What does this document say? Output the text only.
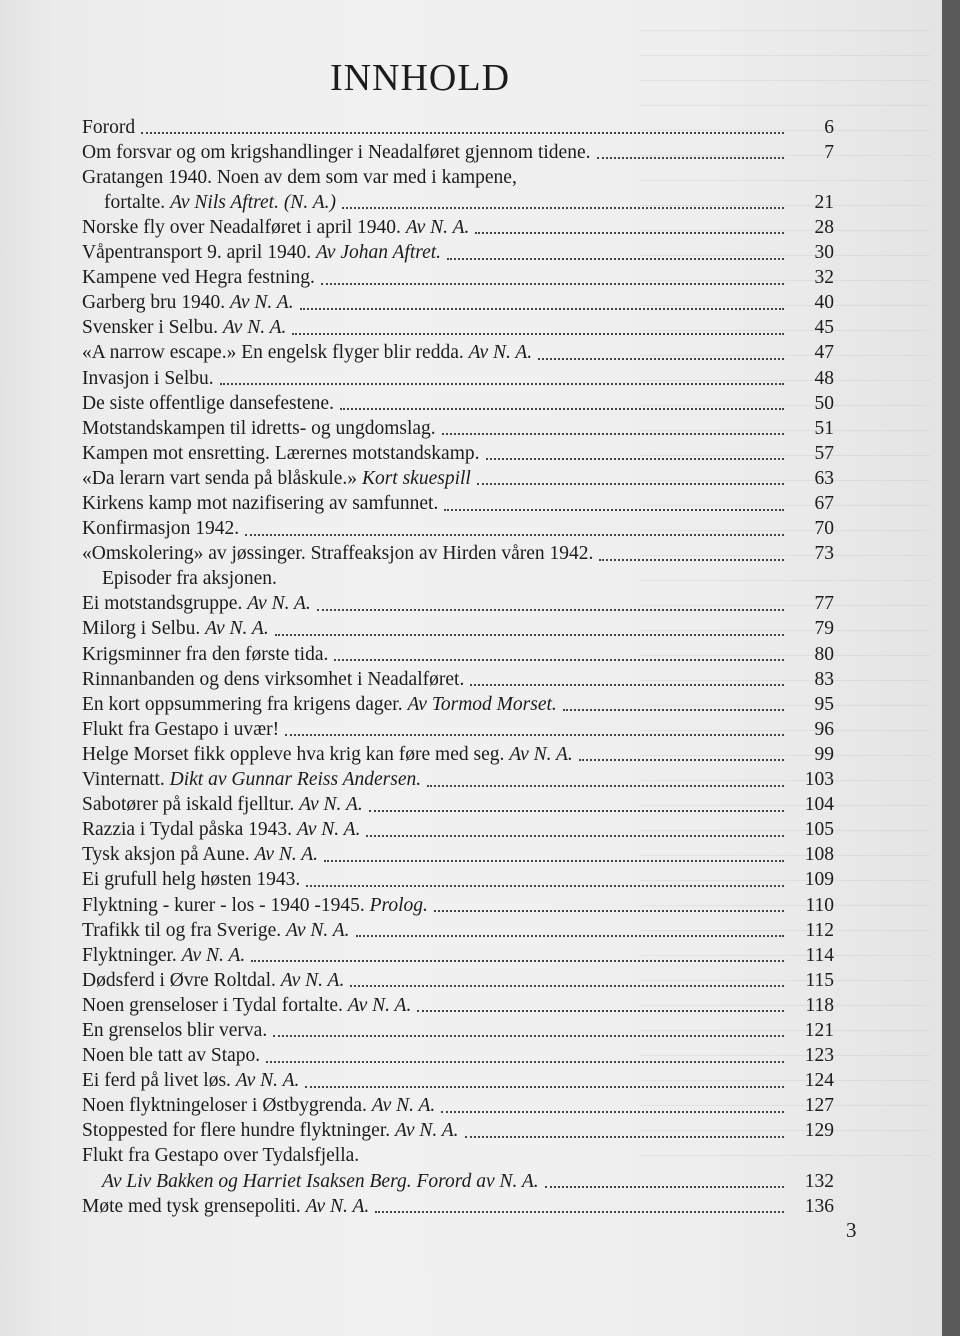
INNHOLD
Forord	6
Om forsvar og om krigshandlinger i Neadalføret gjennom tidene.	7
Gratangen 1940. Noen av dem som var med i kampene,
fortalte. Av Nils Aftret. (N. A.)	21
Norske fly over Neadalføret i april 1940. Av N. A.	28
Våpentransport 9. april 1940. Av Johan Aftret.	30
Kampene ved Hegra festning.	32
Garberg bru 1940. Av N. A.	40
Svensker i Selbu. Av N. A.	45
«A narrow escape.» En engelsk flyger blir redda. Av N. A.	47
Invasjon i Selbu.	48
De siste offentlige dansefestene.	50
Motstandskampen til idretts- og ungdomslag.	51
Kampen mot ensretting. Lærernes motstandskamp.	57
«Da lerarn vart senda på blåskule.» Kort skuespill	63
Kirkens kamp mot nazifisering av samfunnet.	67
Konfirmasjon 1942.	70
«Omskolering» av jøssinger. Straffeaksjon av Hirden våren 1942.	73
Episoder fra aksjonen.
Ei motstandsgruppe. Av N. A.	77
Milorg i Selbu. Av N. A.	79
Krigsminner fra den første tida.	80
Rinnanbanden og dens virksomhet i Neadalføret.	83
En kort oppsummering fra krigens dager. Av Tormod Morset.	95
Flukt fra Gestapo i uvær!	96
Helge Morset fikk oppleve hva krig kan føre med seg. Av N. A.	99
Vinternatt. Dikt av Gunnar Reiss Andersen.	103
Sabotører på iskald fjelltur. Av N. A.	104
Razzia i Tydal påska 1943. Av N. A.	105
Tysk aksjon på Aune. Av N. A.	108
Ei grufull helg høsten 1943.	109
Flyktning - kurer - los - 1940 -1945. Prolog.	110
Trafikk til og fra Sverige. Av N. A.	112
Flyktninger. Av N. A.	114
Dødsferd i Øvre Roltdal. Av N. A.	115
Noen grenseloser i Tydal fortalte. Av N. A.	118
En grenselos blir verva.	121
Noen ble tatt av Stapo.	123
Ei ferd på livet løs. Av N. A.	124
Noen flyktningeloser i Østbygrenda. Av N. A.	127
Stoppested for flere hundre flyktninger. Av N. A.	129
Flukt fra Gestapo over Tydalsfjella.
Av Liv Bakken og Harriet Isaksen Berg. Forord av N. A.	132
Møte med tysk grensepoliti. Av N. A.	136
3
